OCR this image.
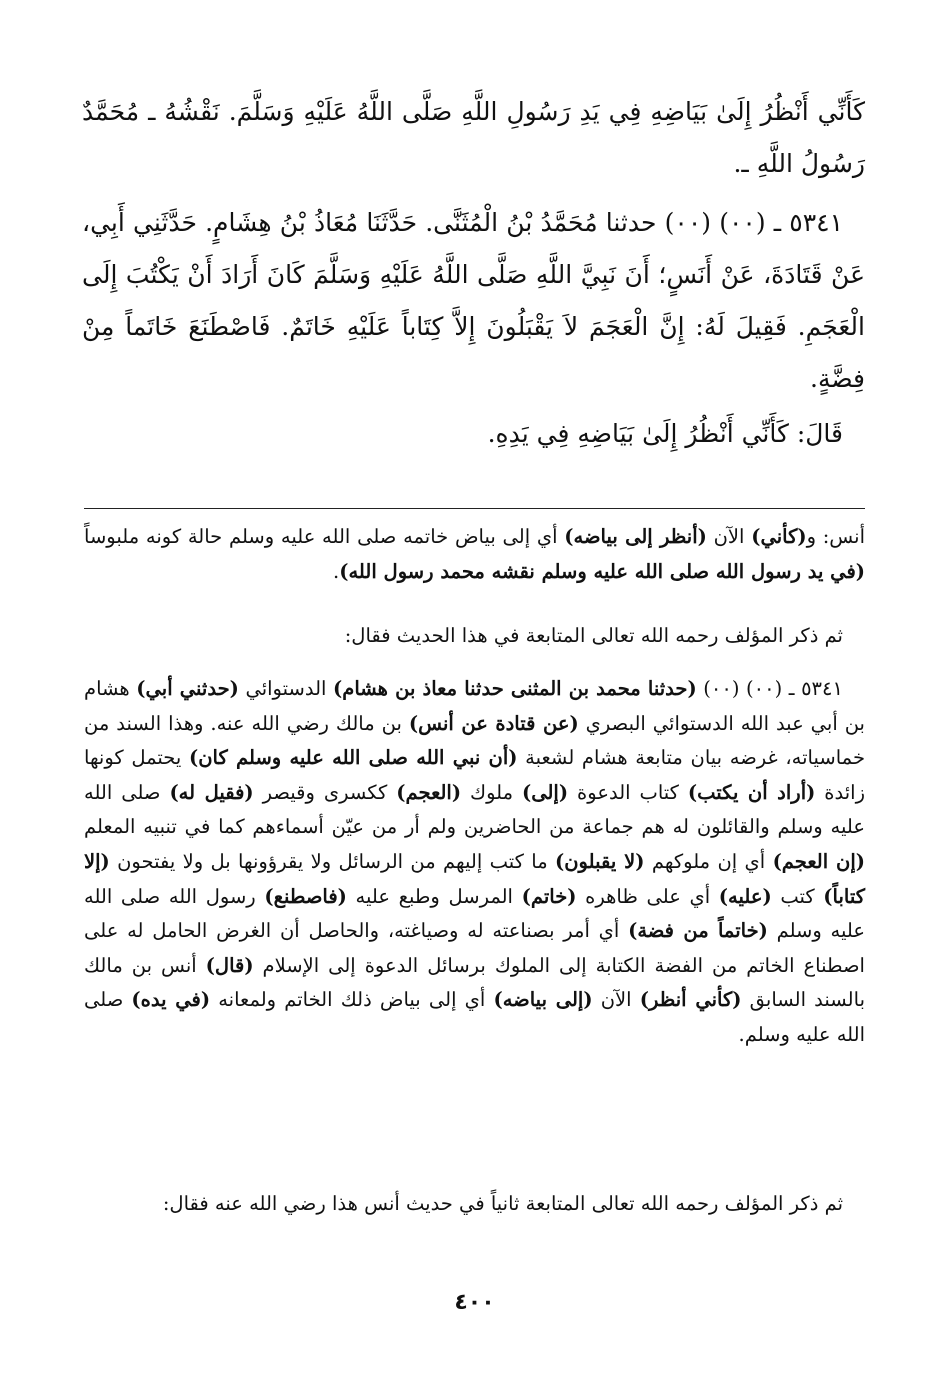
كَأَنِّي أَنْظُرُ إِلَىٰ بَيَاضِهِ فِي يَدِ رَسُولِ اللَّهِ صَلَّى اللَّهُ عَلَيْهِ وَسَلَّمَ. نَقْشُهُ ـ مُحَمَّدٌ رَسُولُ اللَّهِ ـ.

٥٣٤١ ـ (٠٠) (٠٠) حدثنا مُحَمَّدُ بْنُ الْمُثَنَّى. حَدَّثَنَا مُعَاذُ بْنُ هِشَامٍ. حَدَّثَنِي أَبِي، عَنْ قَتَادَةَ، عَنْ أَنَسٍ؛ أَنَ نَبِيَّ اللَّهِ صَلَّى اللَّهُ عَلَيْهِ وَسَلَّمَ كَانَ أَرَادَ أَنْ يَكْتُبَ إِلَى الْعَجَمِ. فَقِيلَ لَهُ: إِنَّ الْعَجَمَ لاَ يَقْبَلُونَ إِلاَّ كِتَاباً عَلَيْهِ خَاتَمٌ. فَاصْطَنَعَ خَاتَماً مِنْ فِضَّةٍ.

قَالَ: كَأَنِّي أَنْظُرُ إِلَىٰ بَيَاضِهِ فِي يَدِهِ.

أنس: و(كأني) الآن (أنظر إلى بياضه) أي إلى بياض خاتمه صلى الله عليه وسلم حالة كونه ملبوساً (في يد رسول الله صلى الله عليه وسلم نقشه محمد رسول الله).

ثم ذكر المؤلف رحمه الله تعالى المتابعة في هذا الحديث فقال:

٥٣٤١ ـ (٠٠) (٠٠) (حدثنا محمد بن المثنى حدثنا معاذ بن هشام) الدستوائي (حدثني أبي) هشام بن أبي عبد الله الدستوائي البصري (عن قتادة عن أنس) بن مالك رضي الله عنه. وهذا السند من خماسياته، غرضه بيان متابعة هشام لشعبة (أن نبي الله صلى الله عليه وسلم كان) يحتمل كونها زائدة (أراد أن يكتب) كتاب الدعوة (إلى) ملوك (العجم) ككسرى وقيصر (فقيل له) صلى الله عليه وسلم والقائلون له هم جماعة من الحاضرين ولم أر من عيّن أسماءهم كما في تنبيه المعلم (إن العجم) أي إن ملوكهم (لا يقبلون) ما كتب إليهم من الرسائل ولا يقرؤونها بل ولا يفتحون (إلا كتاباً) كتب (عليه) أي على ظاهره (خاتم) المرسل وطبع عليه (فاصطنع) رسول الله صلى الله عليه وسلم (خاتماً من فضة) أي أمر بصناعته له وصياغته، والحاصل أن الغرض الحامل له على اصطناع الخاتم من الفضة الكتابة إلى الملوك برسائل الدعوة إلى الإسلام (قال) أنس بن مالك بالسند السابق (كأني أنظر) الآن (إلى بياضه) أي إلى بياض ذلك الخاتم ولمعانه (في يده) صلى الله عليه وسلم.

ثم ذكر المؤلف رحمه الله تعالى المتابعة ثانياً في حديث أنس هذا رضي الله عنه فقال:

٤٠٠
